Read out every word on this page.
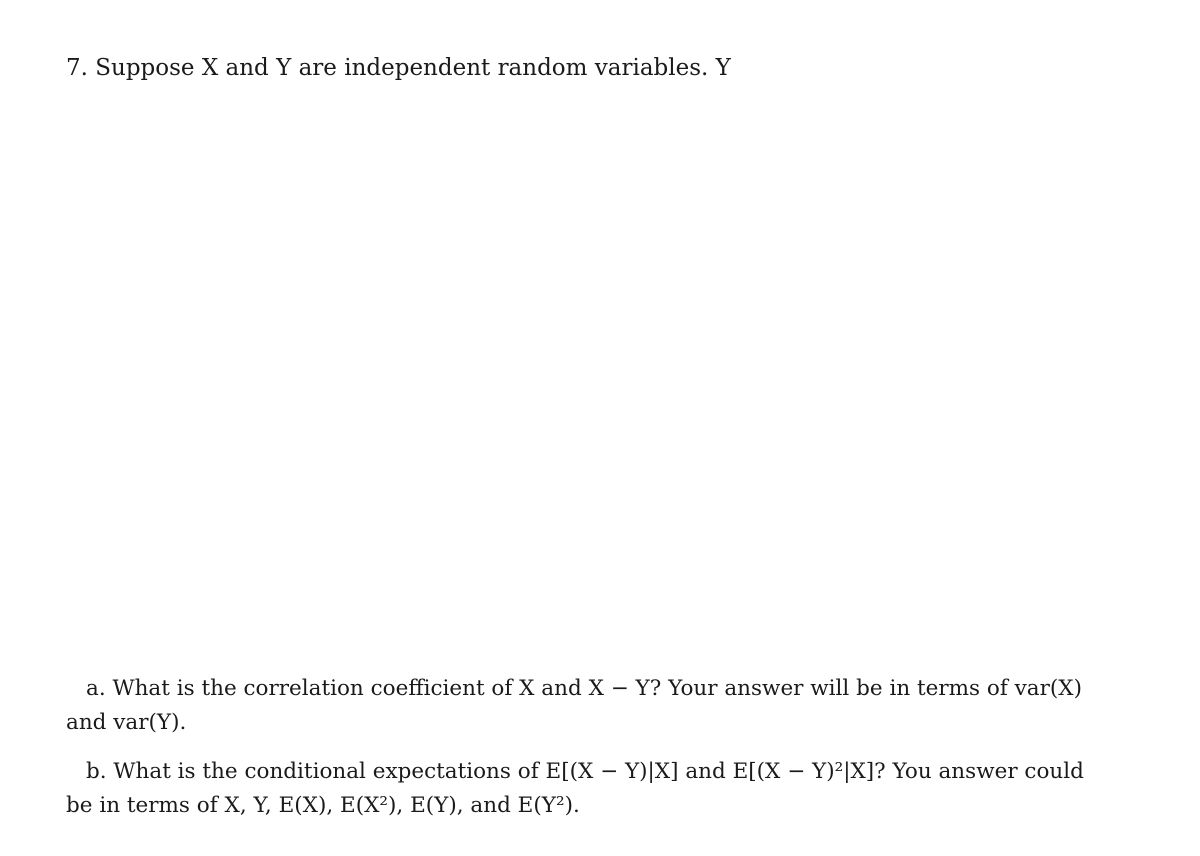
7. Suppose X and Y are independent random variables. Y
a. What is the correlation coefficient of X and X − Y? Your answer will be in terms of var(X) and var(Y).
b. What is the conditional expectations of E[(X − Y)|X] and E[(X − Y)²|X]? You answer could be in terms of X, Y, E(X), E(X²), E(Y), and E(Y²).
